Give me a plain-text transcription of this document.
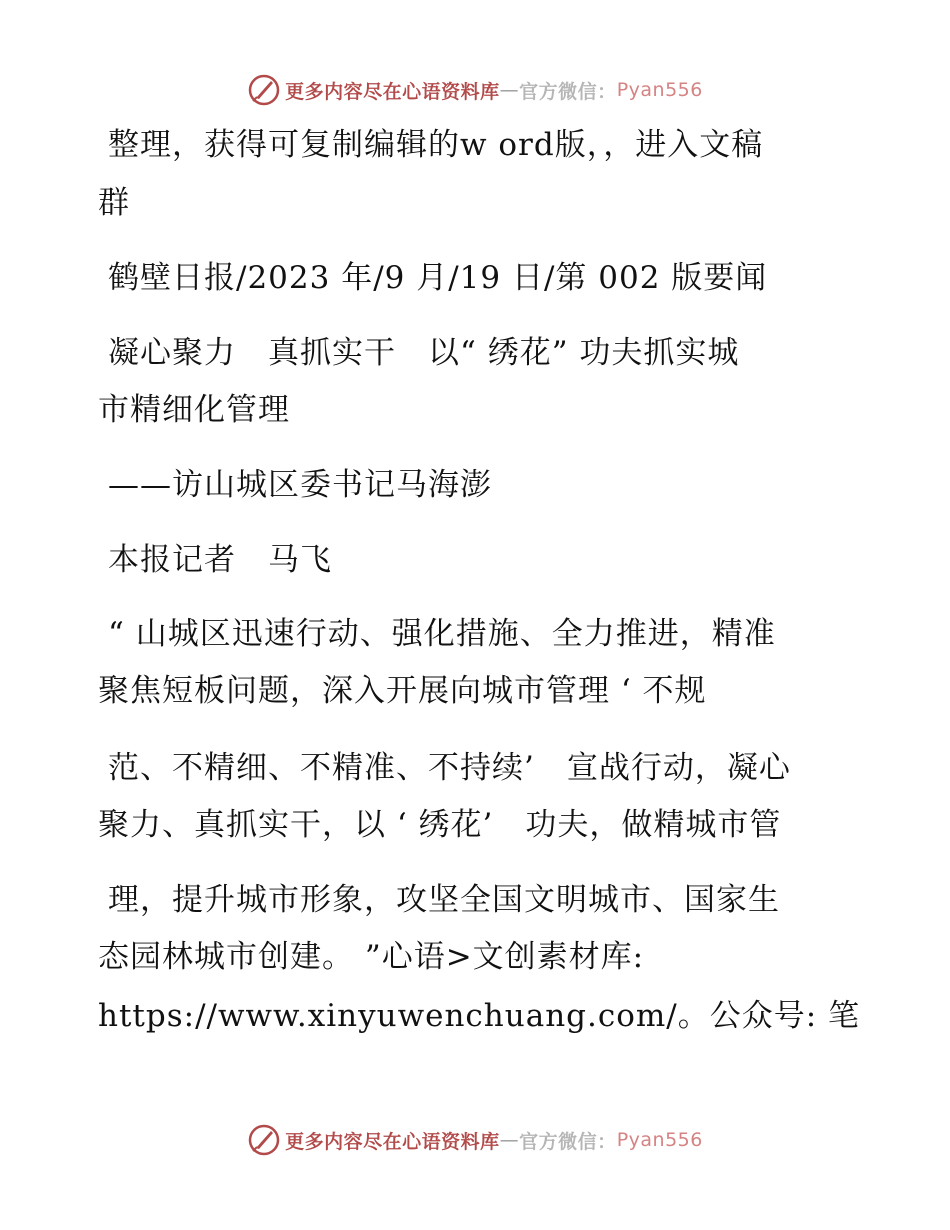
更多内容尽在心语资料库 — 官方微信： Pyan556
整理，获得可复制编辑的w ord版，，进入文稿
群
鹤壁日报/2023 年/9 月/19 日/第 002 版要闻
凝心聚力　真抓实干　以“ 绣花” 功夫抓实城
市精细化管理
——访山城区委书记马海澎
本报记者　马飞
“ 山城区迅速行动、强化措施、全力推进，精准
聚焦短板问题，深入开展向城市管理 ‘ 不规
范、不精细、不精准、不持续’　宣战行动，凝心
聚力、真抓实干，以 ‘ 绣花’　功夫，做精城市管
理，提升城市形象，攻坚全国文明城市、国家生
态园林城市创建。 ”心语>文创素材库:
https://www.xinyuwenchuang.com/。公众号: 笔
更多内容尽在心语资料库 — 官方微信： Pyan556
